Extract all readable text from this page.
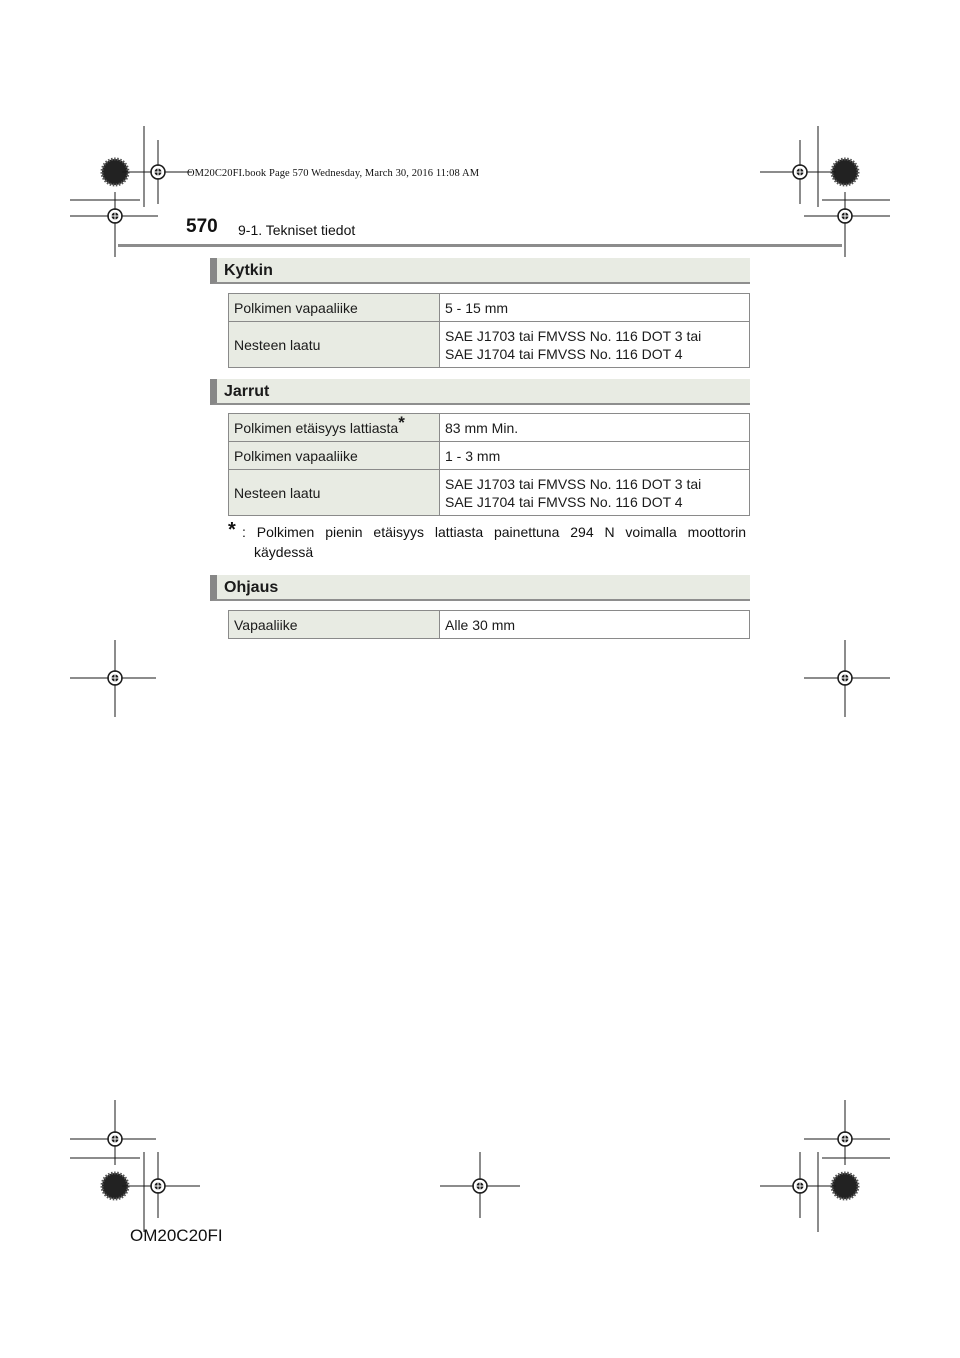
OM20C20FI.book Page 570 Wednesday, March 30, 2016 11:08 AM
570 9-1. Tekniset tiedot
Kytkin
Polkimen vapaaliike	5 - 15 mm
Nesteen laatu	SAE J1703 tai FMVSS No. 116 DOT 3 tai
SAE J1704 tai FMVSS No. 116 DOT 4
Jarrut
Polkimen etäisyys lattiasta*	83 mm Min.
Polkimen vapaaliike	1 - 3 mm
Nesteen laatu	SAE J1703 tai FMVSS No. 116 DOT 3 tai
SAE J1704 tai FMVSS No. 116 DOT 4
* : Polkimen pienin etäisyys lattiasta painettuna 294 N voimalla moottorin
käydessä
Ohjaus
Vapaaliike	Alle 30 mm
OM20C20FI
